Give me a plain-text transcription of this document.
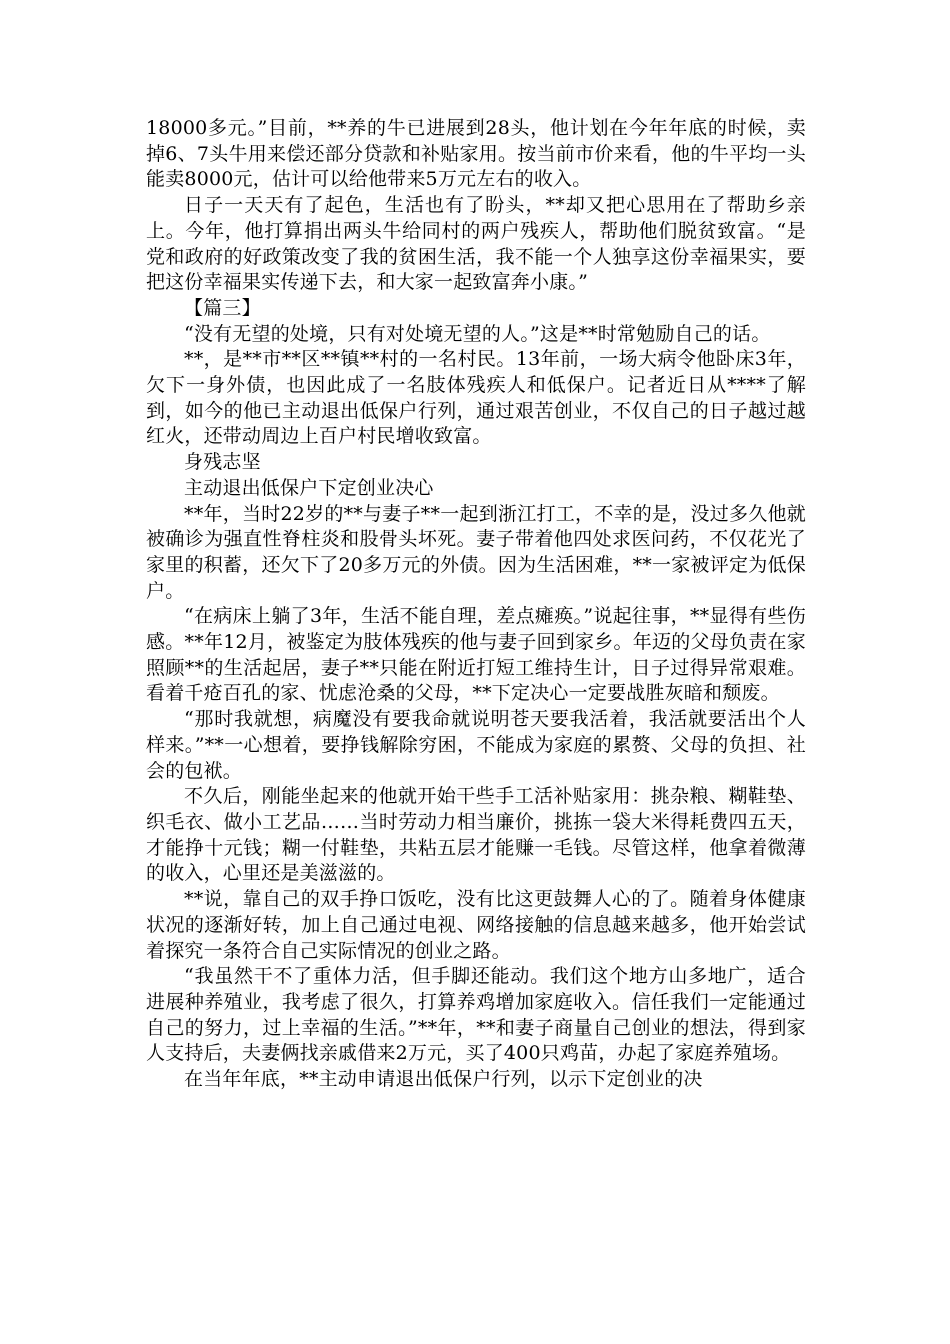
18000多元。”目前，**养的牛已进展到28头，他计划在今年年底的时候，卖掉6、7头牛用来偿还部分贷款和补贴家用。按当前市价来看，他的牛平均一头能卖8000元，估计可以给他带来5万元左右的收入。

日子一天天有了起色，生活也有了盼头，**却又把心思用在了帮助乡亲上。今年，他打算捐出两头牛给同村的两户残疾人，帮助他们脱贫致富。“是党和政府的好政策改变了我的贫困生活，我不能一个人独享这份幸福果实，要把这份幸福果实传递下去，和大家一起致富奔小康。”

【篇三】

“没有无望的处境，只有对处境无望的人。”这是**时常勉励自己的话。

**，是**市**区**镇**村的一名村民。13年前，一场大病令他卧床3年，欠下一身外债，也因此成了一名肢体残疾人和低保户。记者近日从****了解到，如今的他已主动退出低保户行列，通过艰苦创业，不仅自己的日子越过越红火，还带动周边上百户村民增收致富。

身残志坚

主动退出低保户下定创业决心

**年，当时22岁的**与妻子**一起到浙江打工，不幸的是，没过多久他就被确诊为强直性脊柱炎和股骨头坏死。妻子带着他四处求医问药，不仅花光了家里的积蓄，还欠下了20多万元的外债。因为生活困难，**一家被评定为低保户。

“在病床上躺了3年，生活不能自理，差点瘫痪。”说起往事，**显得有些伤感。**年12月，被鉴定为肢体残疾的他与妻子回到家乡。年迈的父母负责在家照顾**的生活起居，妻子**只能在附近打短工维持生计，日子过得异常艰难。看着千疮百孔的家、忧虑沧桑的父母，**下定决心一定要战胜灰暗和颓废。

“那时我就想，病魔没有要我命就说明苍天要我活着，我活就要活出个人样来。”**一心想着，要挣钱解除穷困，不能成为家庭的累赘、父母的负担、社会的包袱。

不久后，刚能坐起来的他就开始干些手工活补贴家用：挑杂粮、糊鞋垫、织毛衣、做小工艺品……当时劳动力相当廉价，挑拣一袋大米得耗费四五天，才能挣十元钱；糊一付鞋垫，共粘五层才能赚一毛钱。尽管这样，他拿着微薄的收入，心里还是美滋滋的。

**说，靠自己的双手挣口饭吃，没有比这更鼓舞人心的了。随着身体健康状况的逐渐好转，加上自己通过电视、网络接触的信息越来越多，他开始尝试着探究一条符合自己实际情况的创业之路。

“我虽然干不了重体力活，但手脚还能动。我们这个地方山多地广，适合进展种养殖业，我考虑了很久，打算养鸡增加家庭收入。信任我们一定能通过自己的努力，过上幸福的生活。”**年，**和妻子商量自己创业的想法，得到家人支持后，夫妻俩找亲戚借来2万元，买了400只鸡苗，办起了家庭养殖场。

在当年年底，**主动申请退出低保户行列，以示下定创业的决
